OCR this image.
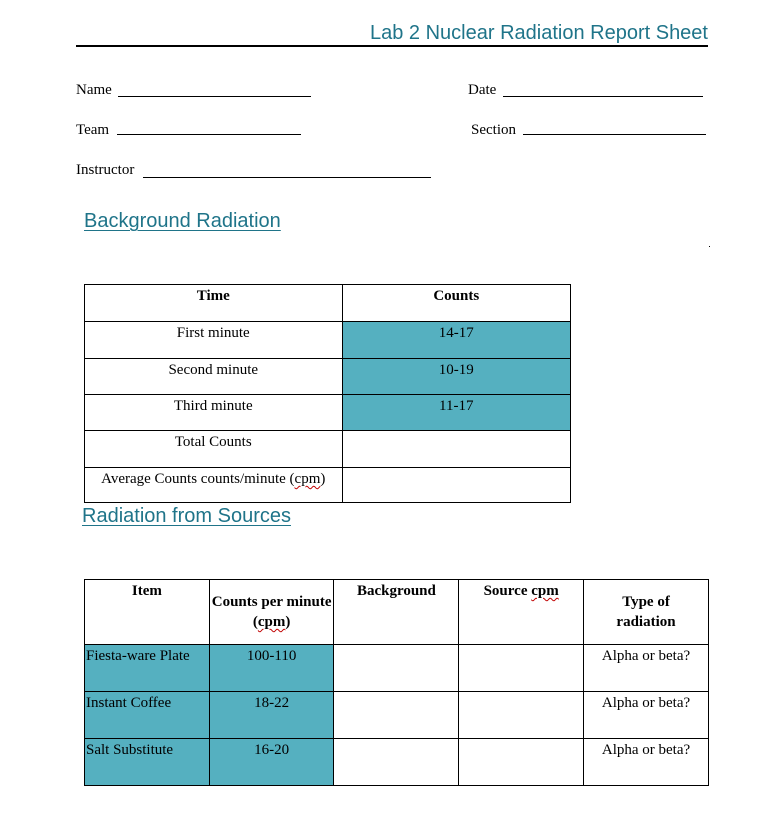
Lab 2 Nuclear Radiation Report Sheet
Name	Date
Team	Section
Instructor
Background Radiation
Time	Counts
First minute	14-17
Second minute	10-19
Third minute	11-17
Total Counts	
Average Counts counts/minute (cpm)	
Radiation from Sources
Item	Counts per minute (cpm)	Background	Source cpm	Type of radiation
Fiesta-ware Plate	100-110			Alpha or beta?
Instant Coffee	18-22			Alpha or beta?
Salt Substitute	16-20			Alpha or beta?
